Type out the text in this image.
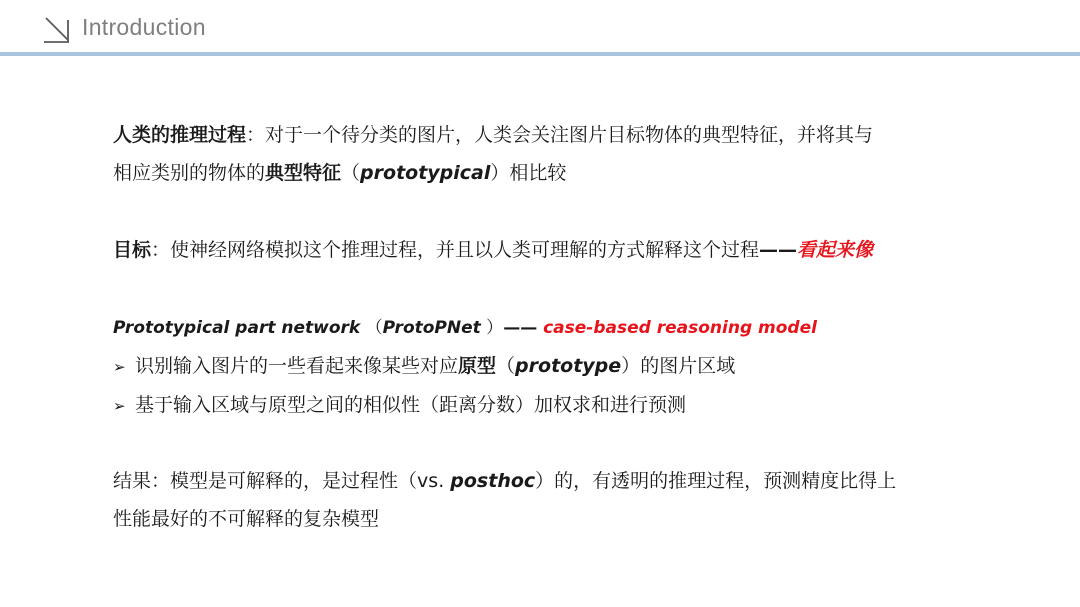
Introduction
人类的推理过程：对于一个待分类的图片，人类会关注图片目标物体的典型特征，并将其与
相应类别的物体的典型特征（prototypical）相比较
目标：使神经网络模拟这个推理过程，并且以人类可理解的方式解释这个过程——看起来像
Prototypical part network （ProtoPNet ）—— case-based reasoning model
➢ 识别输入图片的一些看起来像某些对应原型（prototype）的图片区域
➢ 基于输入区域与原型之间的相似性（距离分数）加权求和进行预测
结果：模型是可解释的，是过程性（vs. posthoc）的，有透明的推理过程，预测精度比得上
性能最好的不可解释的复杂模型
